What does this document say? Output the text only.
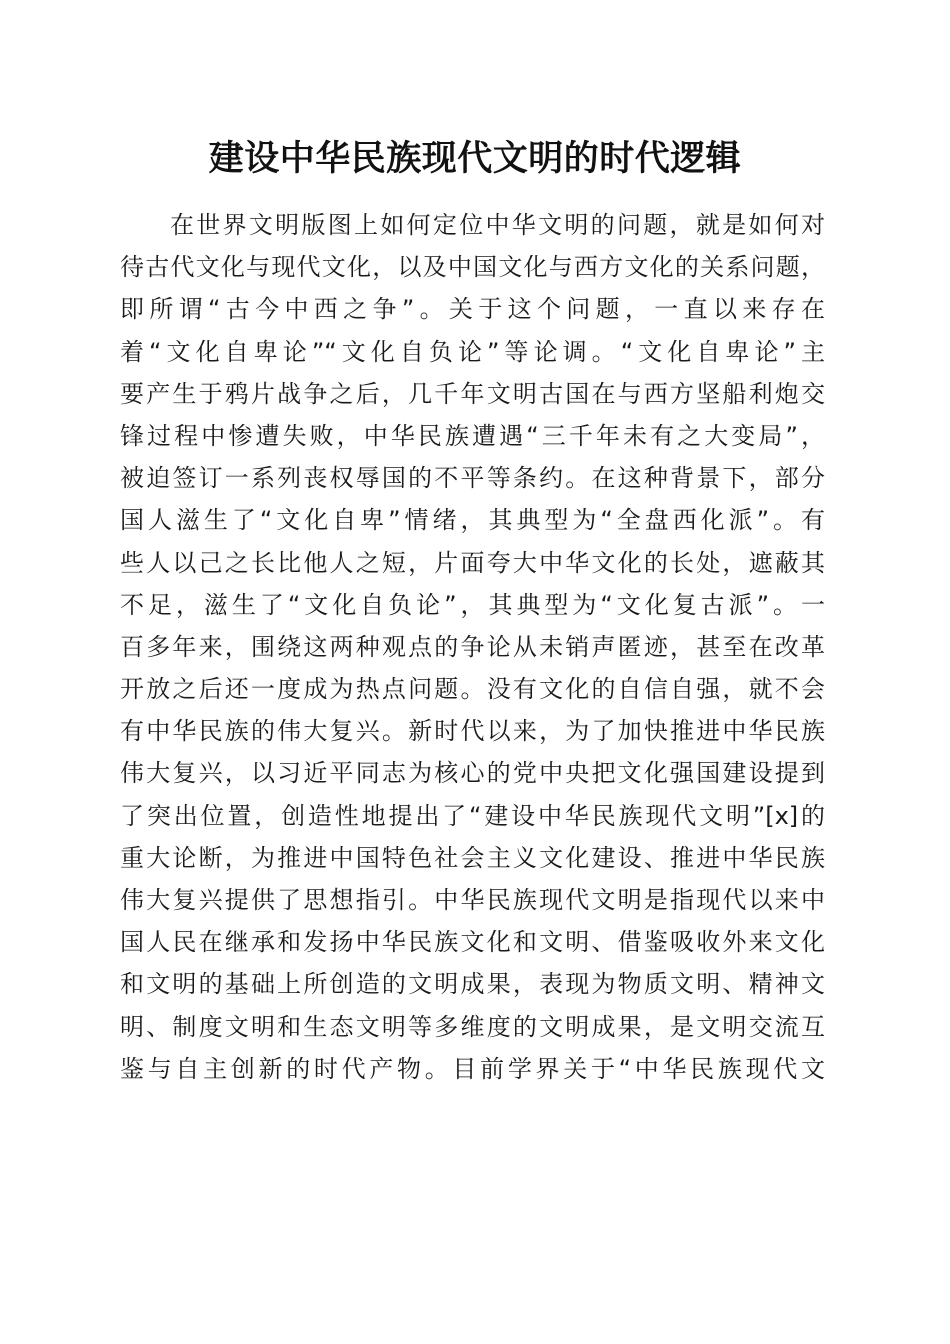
建设中华民族现代文明的时代逻辑
在世界文明版图上如何定位中华文明的问题，就是如何对
待古代文化与现代文化，以及中国文化与西方文化的关系问题，
即所谓“古今中西之争”。关于这个问题，一直以来存在
着“文化自卑论”“文化自负论”等论调。“文化自卑论”主
要产生于鸦片战争之后，几千年文明古国在与西方坚船利炮交
锋过程中惨遭失败，中华民族遭遇“三千年未有之大变局”，
被迫签订一系列丧权辱国的不平等条约。在这种背景下，部分
国人滋生了“文化自卑”情绪，其典型为“全盘西化派”。有
些人以己之长比他人之短，片面夸大中华文化的长处，遮蔽其
不足，滋生了“文化自负论”，其典型为“文化复古派”。一
百多年来，围绕这两种观点的争论从未销声匿迹，甚至在改革
开放之后还一度成为热点问题。没有文化的自信自强，就不会
有中华民族的伟大复兴。新时代以来，为了加快推进中华民族
伟大复兴，以习近平同志为核心的党中央把文化强国建设提到
了突出位置，创造性地提出了“建设中华民族现代文明”[x]的
重大论断，为推进中国特色社会主义文化建设、推进中华民族
伟大复兴提供了思想指引。中华民族现代文明是指现代以来中
国人民在继承和发扬中华民族文化和文明、借鉴吸收外来文化
和文明的基础上所创造的文明成果，表现为物质文明、精神文
明、制度文明和生态文明等多维度的文明成果，是文明交流互
鉴与自主创新的时代产物。目前学界关于“中华民族现代文
